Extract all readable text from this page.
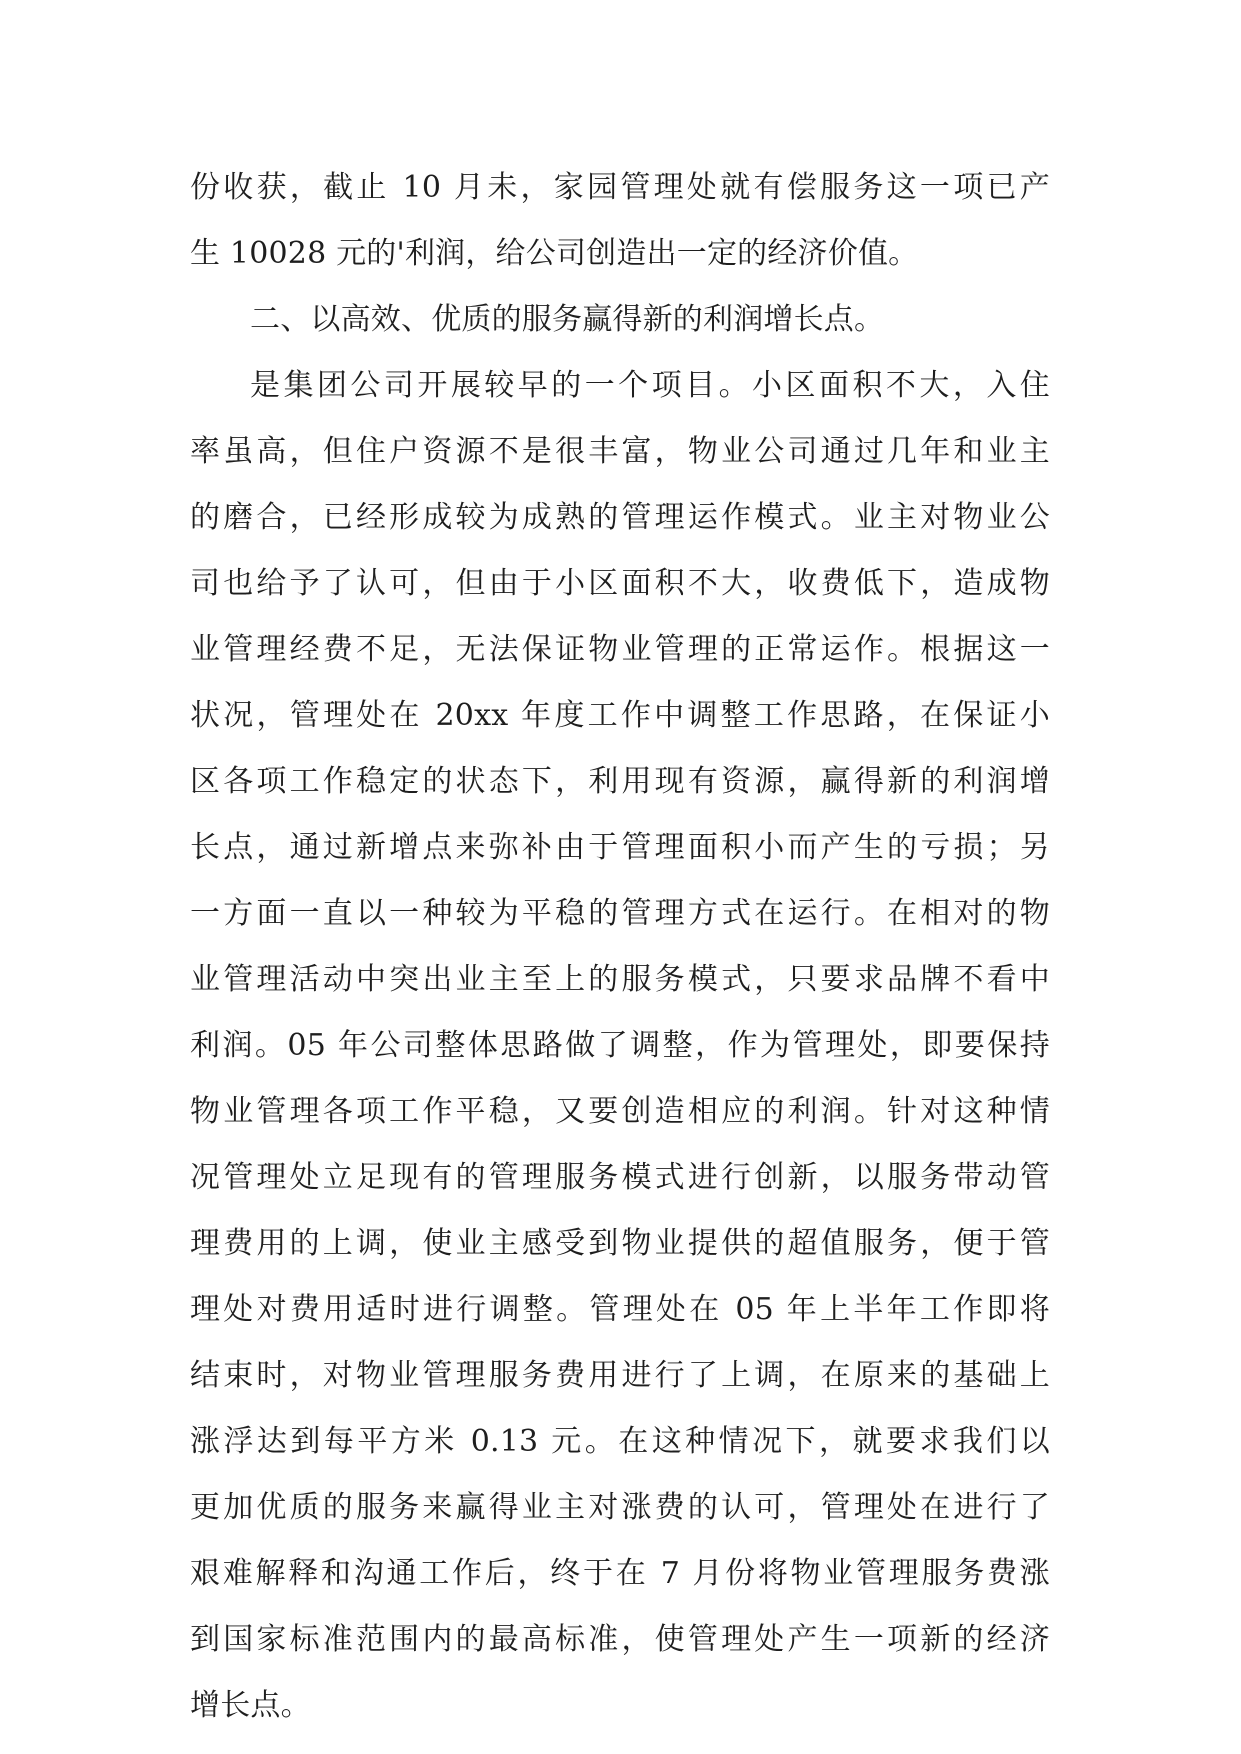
份收获，截止 10 月未，家园管理处就有偿服务这一项已产
生 10028 元的'利润，给公司创造出一定的经济价值。
二、以高效、优质的服务赢得新的利润增长点。
是集团公司开展较早的一个项目。小区面积不大，入住
率虽高，但住户资源不是很丰富，物业公司通过几年和业主
的磨合，已经形成较为成熟的管理运作模式。业主对物业公
司也给予了认可，但由于小区面积不大，收费低下，造成物
业管理经费不足，无法保证物业管理的正常运作。根据这一
状况，管理处在 20xx 年度工作中调整工作思路，在保证小
区各项工作稳定的状态下，利用现有资源，赢得新的利润增
长点，通过新增点来弥补由于管理面积小而产生的亏损；另
一方面一直以一种较为平稳的管理方式在运行。在相对的物
业管理活动中突出业主至上的服务模式，只要求品牌不看中
利润。05 年公司整体思路做了调整，作为管理处，即要保持
物业管理各项工作平稳，又要创造相应的利润。针对这种情
况管理处立足现有的管理服务模式进行创新，以服务带动管
理费用的上调，使业主感受到物业提供的超值服务，便于管
理处对费用适时进行调整。管理处在 05 年上半年工作即将
结束时，对物业管理服务费用进行了上调，在原来的基础上
涨浮达到每平方米 0.13 元。在这种情况下，就要求我们以
更加优质的服务来赢得业主对涨费的认可，管理处在进行了
艰难解释和沟通工作后，终于在 7 月份将物业管理服务费涨
到国家标准范围内的最高标准，使管理处产生一项新的经济
增长点。
